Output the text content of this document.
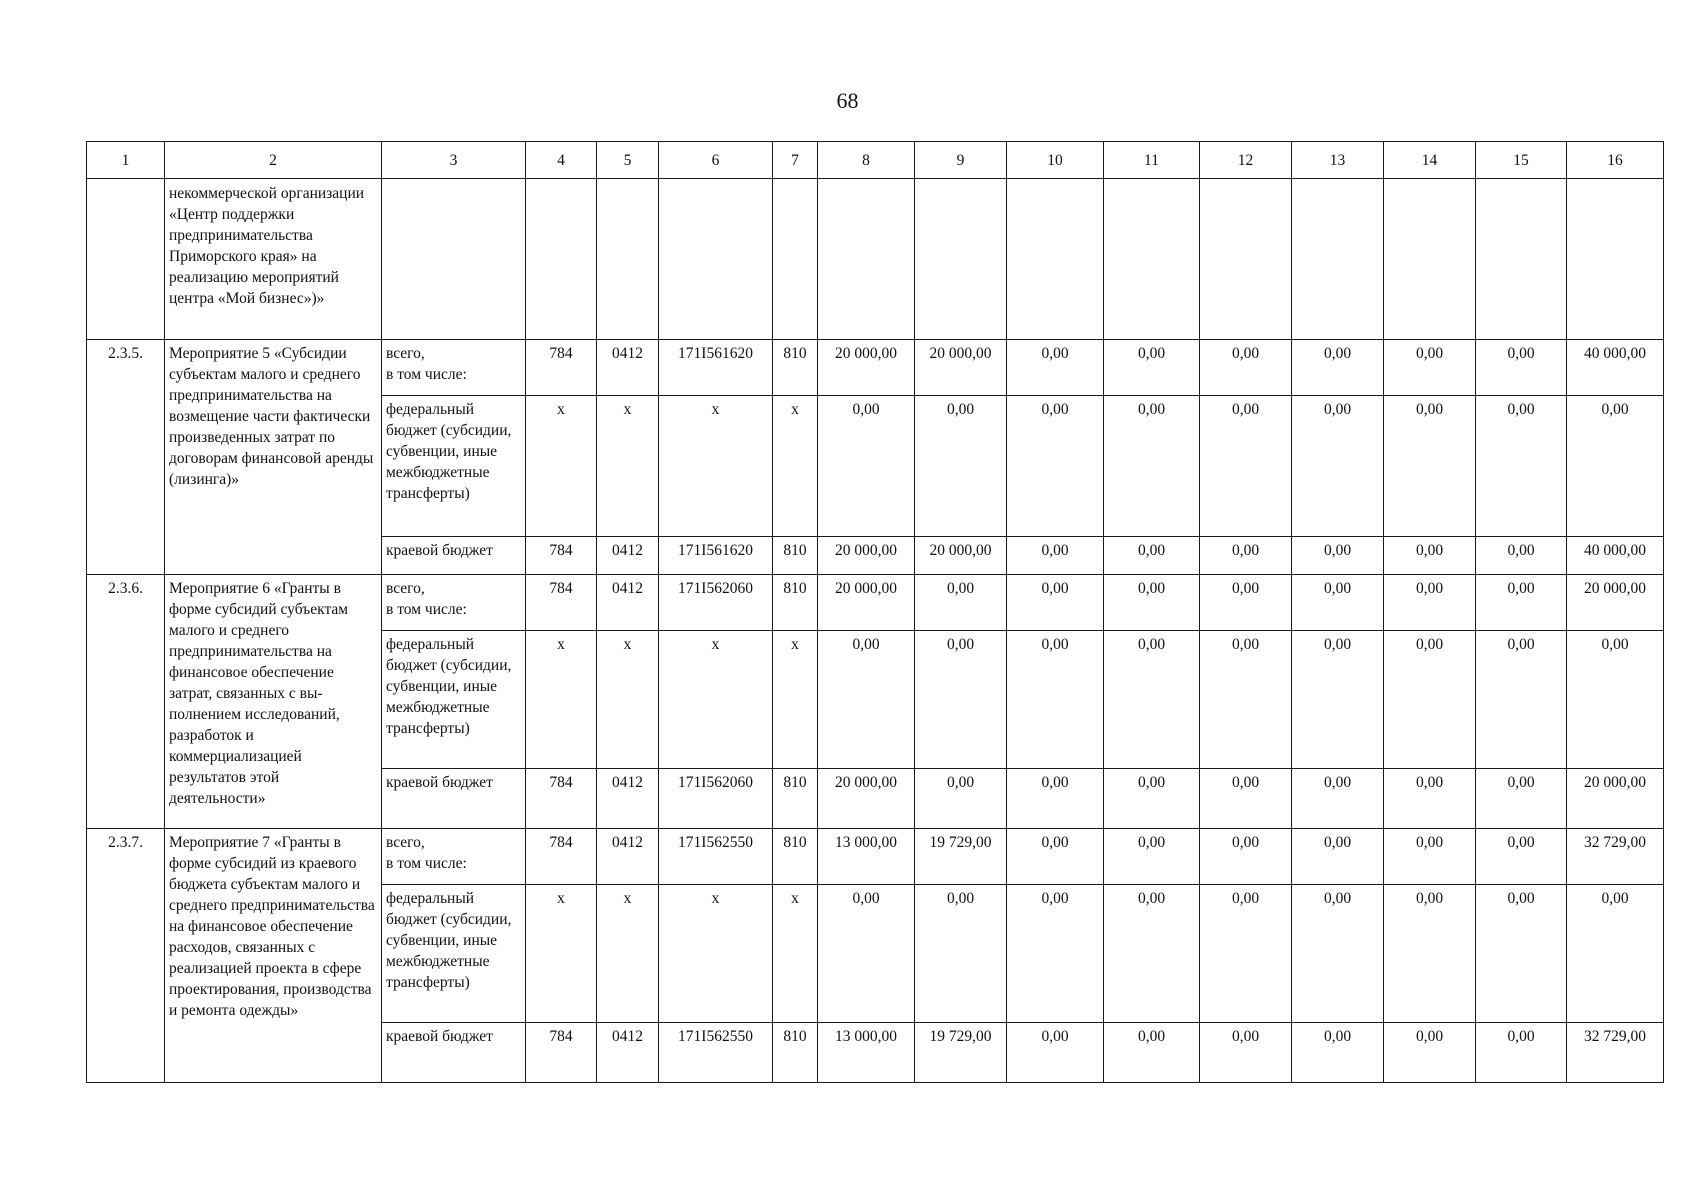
68
1	2	3	4	5	6	7	8	9	10	11	12	13	14	15	16
	некоммерческой организации «Центр поддержки предпринимательства Приморского края» на реализацию мероприятий центра «Мой бизнес»)»														
2.3.5.	Мероприятие 5 «Субсидии субъектам малого и среднего предпринимательства на возмещение части фактически произведенных затрат по договорам финансовой аренды (лизинга)»	всего,
в том числе:	784	0412	171I561620	810	20 000,00	20 000,00	0,00	0,00	0,00	0,00	0,00	0,00	40 000,00
		федеральный бюджет (субсидии, субвенции, иные межбюджетные трансферты)	x	x	x	x	0,00	0,00	0,00	0,00	0,00	0,00	0,00	0,00	0,00
		краевой бюджет	784	0412	171I561620	810	20 000,00	20 000,00	0,00	0,00	0,00	0,00	0,00	0,00	40 000,00
2.3.6.	Мероприятие 6 «Гранты в форме субсидий субъектам малого и среднего предпринимательства на финансовое обеспечение затрат, связанных с вы-полнением исследований, разработок и коммерциализацией результатов этой деятельности»	всего,
в том числе:	784	0412	171I562060	810	20 000,00	0,00	0,00	0,00	0,00	0,00	0,00	0,00	20 000,00
		федеральный бюджет (субсидии, субвенции, иные межбюджетные трансферты)	x	x	x	x	0,00	0,00	0,00	0,00	0,00	0,00	0,00	0,00	0,00
		краевой бюджет	784	0412	171I562060	810	20 000,00	0,00	0,00	0,00	0,00	0,00	0,00	0,00	20 000,00
2.3.7.	Мероприятие 7 «Гранты в форме субсидий из краевого бюджета субъектам малого и среднего предпринимательства на финансовое обеспечение расходов, связанных с реализацией проекта в сфере проектирования, производства и ремонта одежды»	всего,
в том числе:	784	0412	171I562550	810	13 000,00	19 729,00	0,00	0,00	0,00	0,00	0,00	0,00	32 729,00
		федеральный бюджет (субсидии, субвенции, иные межбюджетные трансферты)	x	x	x	x	0,00	0,00	0,00	0,00	0,00	0,00	0,00	0,00	0,00
		краевой бюджет	784	0412	171I562550	810	13 000,00	19 729,00	0,00	0,00	0,00	0,00	0,00	0,00	32 729,00
